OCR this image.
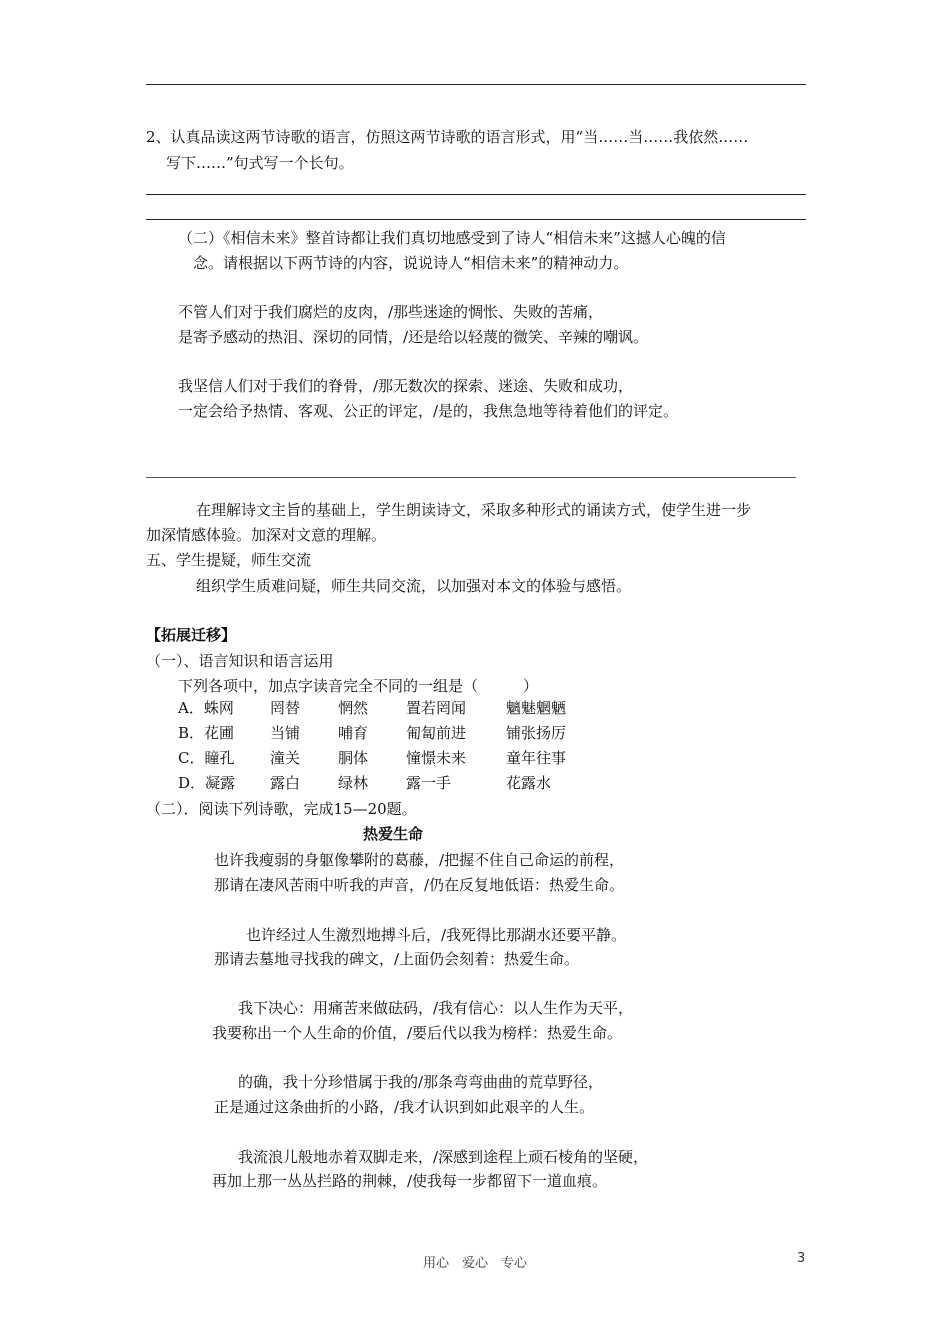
2、认真品读这两节诗歌的语言，仿照这两节诗歌的语言形式，用“当……当……我依然……
写下……”句式写一个长句。
（二）《相信未来》整首诗都让我们真切地感受到了诗人“相信未来”这撼人心魄的信
念。请根据以下两节诗的内容，说说诗人“相信未来”的精神动力。
不管人们对于我们腐烂的皮肉，/那些迷途的惆怅、失败的苦痛，
是寄予感动的热泪、深切的同情，/还是给以轻蔑的微笑、辛辣的嘲讽。
我坚信人们对于我们的脊骨，/那无数次的探索、迷途、失败和成功，
一定会给予热情、客观、公正的评定，/是的，我焦急地等待着他们的评定。
在理解诗文主旨的基础上，学生朗读诗文，采取多种形式的诵读方式，使学生进一步
加深情感体验。加深对文意的理解。
五、学生提疑，师生交流
组织学生质难问疑，师生共同交流，以加强对本文的体验与感悟。
【拓展迁移】
（一）、语言知识和语言运用
下列各项中，加点字读音完全不同的一组是（　　　）
A．蛛网 罔替	惘然	置若罔闻	魑魅魍魉
B．花圃 当铺	哺育	匍匐前进	铺张扬厉
C．瞳孔 潼关	胴体	憧憬未来	童年往事
D．凝露 露白	绿林	露一手	花露水
（二）．阅读下列诗歌，完成15—20题。
热爱生命
也许我瘦弱的身躯像攀附的葛藤，/把握不住自己命运的前程，
那请在凄风苦雨中听我的声音，/仍在反复地低语：热爱生命。
也许经过人生激烈地搏斗后，/我死得比那湖水还要平静。
那请去墓地寻找我的碑文，/上面仍会刻着：热爱生命。
我下决心：用痛苦来做砝码，/我有信心：以人生作为天平，
我要称出一个人生命的价值，/要后代以我为榜样：热爱生命。
的确，我十分珍惜属于我的/那条弯弯曲曲的荒草野径，
正是通过这条曲折的小路，/我才认识到如此艰辛的人生。
我流浪儿般地赤着双脚走来，/深感到途程上顽石棱角的坚硬，
再加上那一丛丛拦路的荆棘，/使我每一步都留下一道血痕。
用心　爱心　专心	3
